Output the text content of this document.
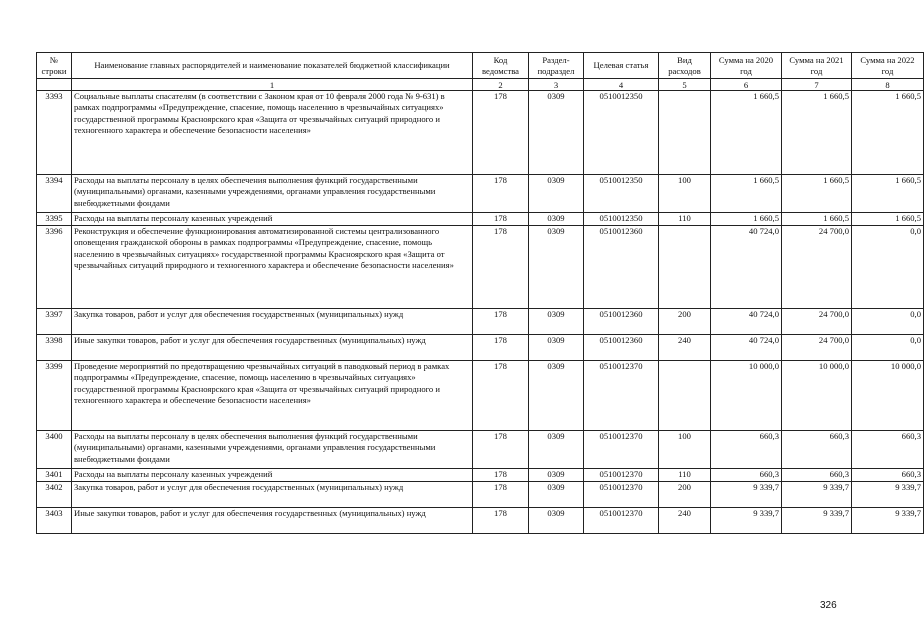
№ строки	Наименование главных распорядителей и наименование показателей бюджетной классификации	Код ведомства	Раздел-подраздел	Целевая статья	Вид расходов	Сумма на 2020 год	Сумма на 2021 год	Сумма на 2022 год
	1	2	3	4	5	6	7	8
3393	Социальные выплаты спасателям (в соответствии с Законом края от 10 февраля 2000 года № 9-631) в рамках подпрограммы «Предупреждение, спасение, помощь населению в чрезвычайных ситуациях» государственной программы Красноярского края «Защита от чрезвычайных ситуаций природного и техногенного характера и обеспечение безопасности населения»	178	0309	0510012350		1 660,5	1 660,5	1 660,5
3394	Расходы на выплаты персоналу в целях обеспечения выполнения функций государственными (муниципальными) органами, казенными учреждениями, органами управления государственными внебюджетными фондами	178	0309	0510012350	100	1 660,5	1 660,5	1 660,5
3395	Расходы на выплаты персоналу казенных учреждений	178	0309	0510012350	110	1 660,5	1 660,5	1 660,5
3396	Реконструкция и обеспечение функционирования автоматизированной системы централизованного оповещения гражданской обороны в рамках подпрограммы «Предупреждение, спасение, помощь населению в чрезвычайных ситуациях» государственной программы Красноярского края «Защита от чрезвычайных ситуаций природного и техногенного характера и обеспечение безопасности населения»	178	0309	0510012360		40 724,0	24 700,0	0,0
3397	Закупка товаров, работ и услуг для обеспечения государственных (муниципальных) нужд	178	0309	0510012360	200	40 724,0	24 700,0	0,0
3398	Иные закупки товаров, работ и услуг для обеспечения государственных (муниципальных) нужд	178	0309	0510012360	240	40 724,0	24 700,0	0,0
3399	Проведение мероприятий по предотвращению чрезвычайных ситуаций в паводковый период в рамках подпрограммы «Предупреждение, спасение, помощь населению в чрезвычайных ситуациях» государственной программы Красноярского края «Защита от чрезвычайных ситуаций природного и техногенного характера и обеспечение безопасности населения»	178	0309	0510012370		10 000,0	10 000,0	10 000,0
3400	Расходы на выплаты персоналу в целях обеспечения выполнения функций государственными (муниципальными) органами, казенными учреждениями, органами управления государственными внебюджетными фондами	178	0309	0510012370	100	660,3	660,3	660,3
3401	Расходы на выплаты персоналу казенных учреждений	178	0309	0510012370	110	660,3	660,3	660,3
3402	Закупка товаров, работ и услуг для обеспечения государственных (муниципальных) нужд	178	0309	0510012370	200	9 339,7	9 339,7	9 339,7
3403	Иные закупки товаров, работ и услуг для обеспечения государственных (муниципальных) нужд	178	0309	0510012370	240	9 339,7	9 339,7	9 339,7
326
